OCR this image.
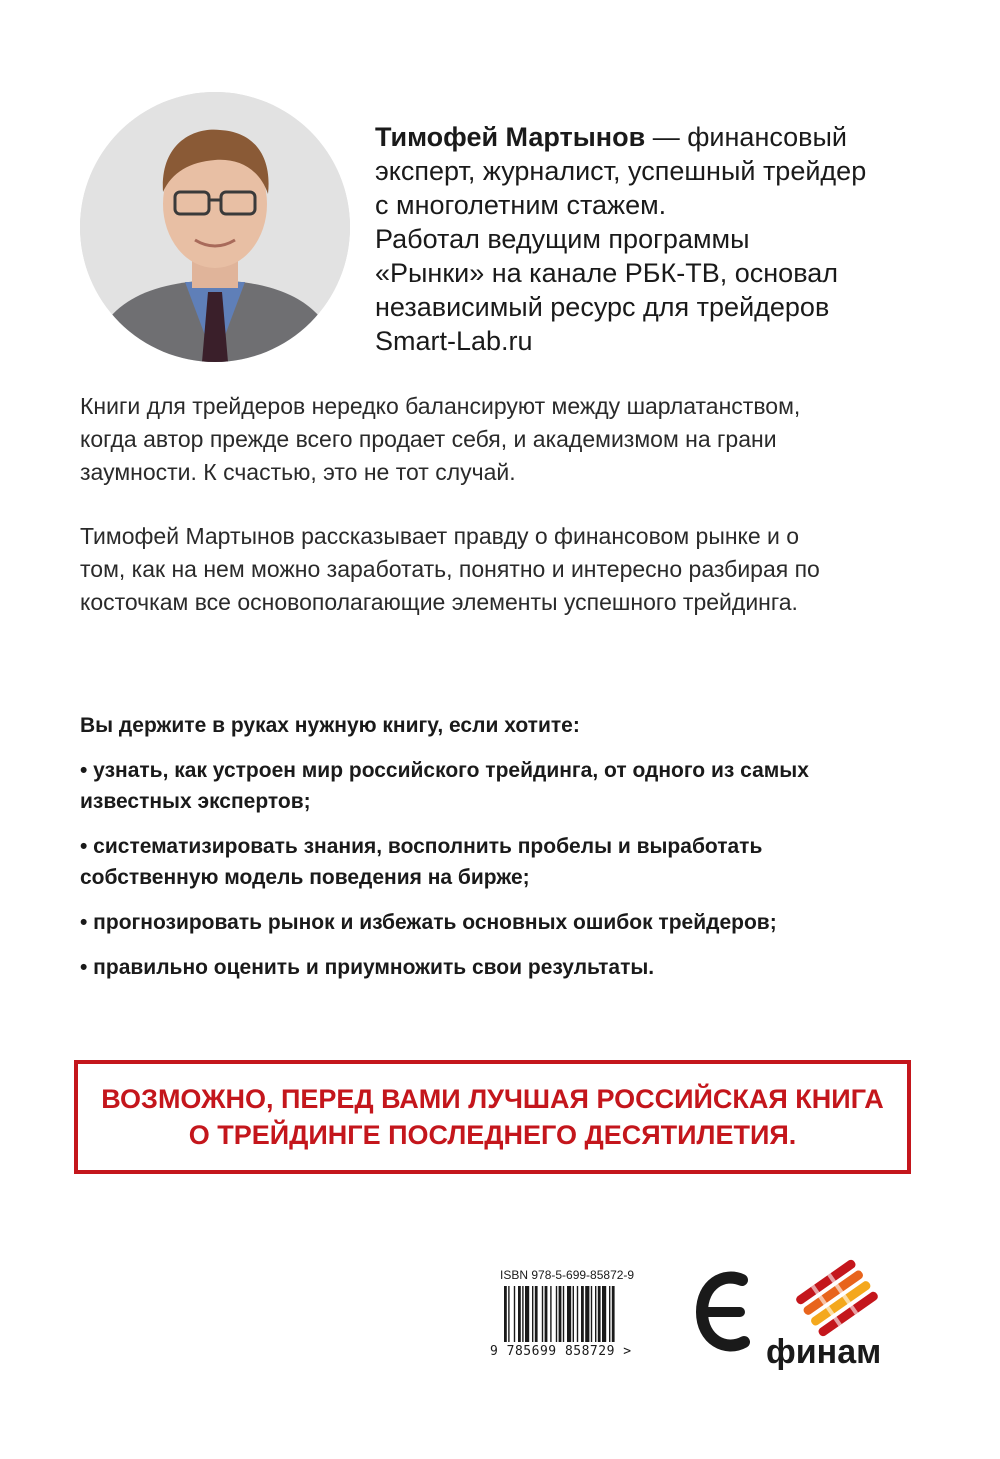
Тимофей Мартынов — финансовый
эксперт, журналист, успешный трейдер
с многолетним стажем.
Работал ведущим программы
«Рынки» на канале РБК-ТВ, основал
независимый ресурс для трейдеров
Smart-Lab.ru

Книги для трейдеров нередко балансируют между шарлатанством,
когда автор прежде всего продает себя, и академизмом на грани
заумности. К счастью, это не тот случай.

Тимофей Мартынов рассказывает правду о финансовом рынке и о
том, как на нем можно заработать, понятно и интересно разбирая по
косточкам все основополагающие элементы успешного трейдинга.

Вы держите в руках нужную книгу, если хотите:

• узнать, как устроен мир российского трейдинга, от одного из самых
известных экспертов;

• систематизировать знания, восполнить пробелы и выработать
собственную модель поведения на бирже;

• прогнозировать рынок и избежать основных ошибок трейдеров;

• правильно оценить и приумножить свои результаты.

ВОЗМОЖНО, ПЕРЕД ВАМИ ЛУЧШАЯ РОССИЙСКАЯ КНИГА
О ТРЕЙДИНГЕ ПОСЛЕДНЕГО ДЕСЯТИЛЕТИЯ.
ISBN 978-5-699-85872-9
9 785699 858729 >	финам
